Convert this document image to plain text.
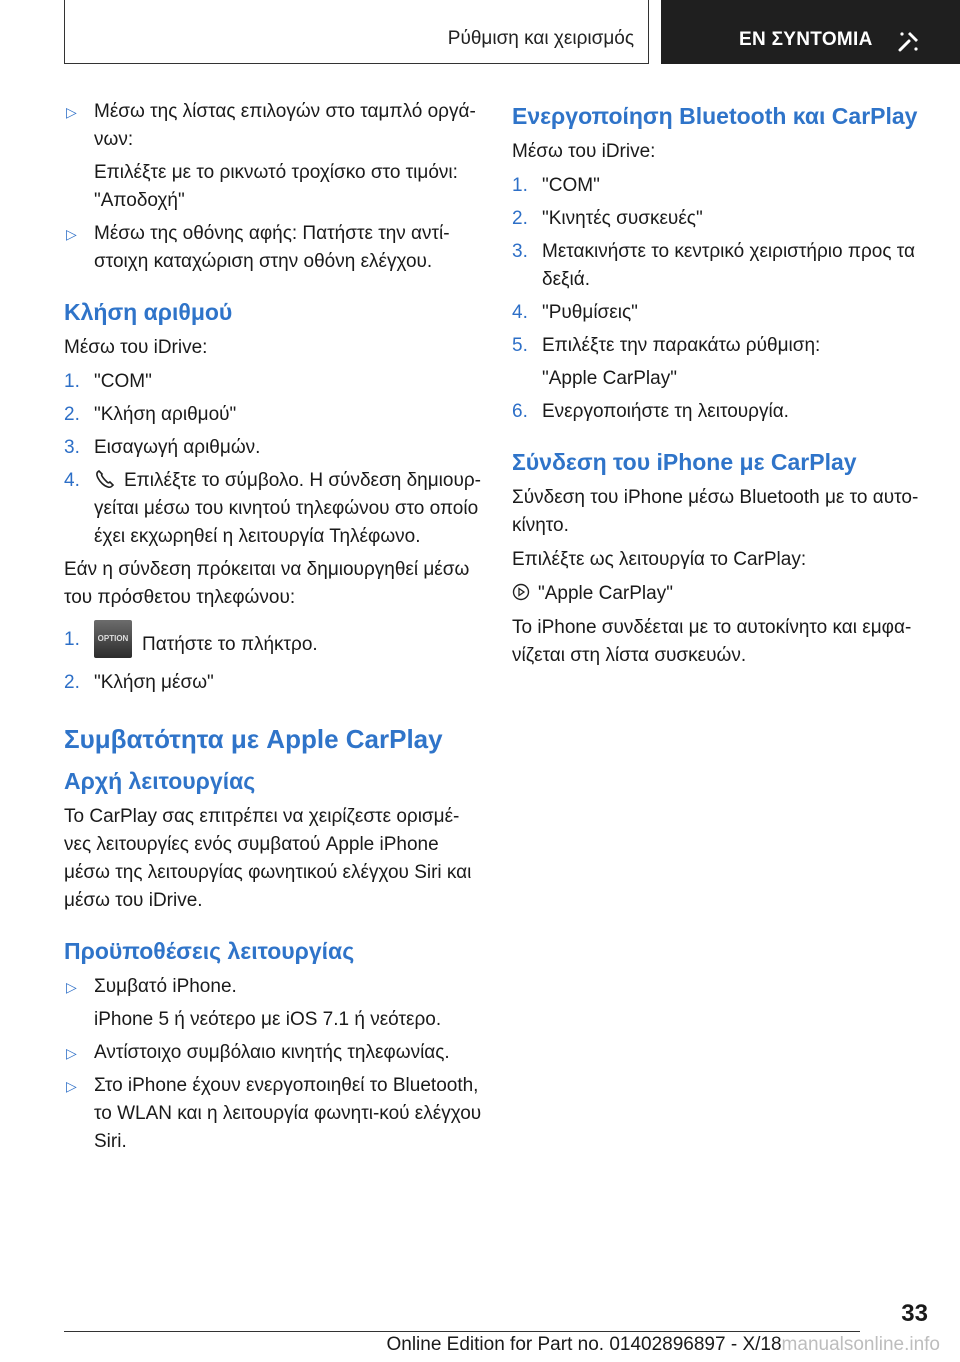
Ρύθμιση και χειρισμός	ΕΝ ΣΥΝΤΟΜΙΑ

▷ Μέσω της λίστας επιλογών στο ταμπλό οργά-νων:

Επιλέξτε με το ρικνωτό τροχίσκο στο τιμόνι: "Αποδοχή"

▷ Μέσω της οθόνης αφής: Πατήστε την αντί-στοιχη καταχώριση στην οθόνη ελέγχου.

Κλήση αριθμού

Μέσω του iDrive:

1. "COM"

2. "Κλήση αριθμού"

3. Εισαγωγή αριθμών.

4. Επιλέξτε το σύμβολο. Η σύνδεση δημιουρ-γείται μέσω του κινητού τηλεφώνου στο οποίο έχει εκχωρηθεί η λειτουργία Τηλέφωνο.

Εάν η σύνδεση πρόκειται να δημιουργηθεί μέσω του πρόσθετου τηλεφώνου:

1. OPTION Πατήστε το πλήκτρο.

2. "Κλήση μέσω"

Συμβατότητα με Apple CarPlay
Αρχή λειτουργίας

Το CarPlay σας επιτρέπει να χειρίζεστε ορισμέ-νες λειτουργίες ενός συμβατού Apple iPhone μέσω της λειτουργίας φωνητικού ελέγχου Siri και μέσω του iDrive.

Προϋποθέσεις λειτουργίας

▷ Συμβατό iPhone.

iPhone 5 ή νεότερο με iOS 7.1 ή νεότερο.

▷ Αντίστοιχο συμβόλαιο κινητής τηλεφωνίας.

▷ Στο iPhone έχουν ενεργοποιηθεί το Bluetooth, το WLAN και η λειτουργία φωνητι-κού ελέγχου Siri.

Ενεργοποίηση Bluetooth και CarPlay

Μέσω του iDrive:

1. "COM"

2. "Κινητές συσκευές"

3. Μετακινήστε το κεντρικό χειριστήριο προς τα δεξιά.

4. "Ρυθμίσεις"

5. Επιλέξτε την παρακάτω ρύθμιση:

"Apple CarPlay"

6. Ενεργοποιήστε τη λειτουργία.

Σύνδεση του iPhone με CarPlay

Σύνδεση του iPhone μέσω Bluetooth με το αυτο-κίνητο.

Επιλέξτε ως λειτουργία το CarPlay:

"Apple CarPlay"

Το iPhone συνδέεται με το αυτοκίνητο και εμφα-νίζεται στη λίστα συσκευών.

33
Online Edition for Part no. 01402896897 - X/18manualsonline.info
